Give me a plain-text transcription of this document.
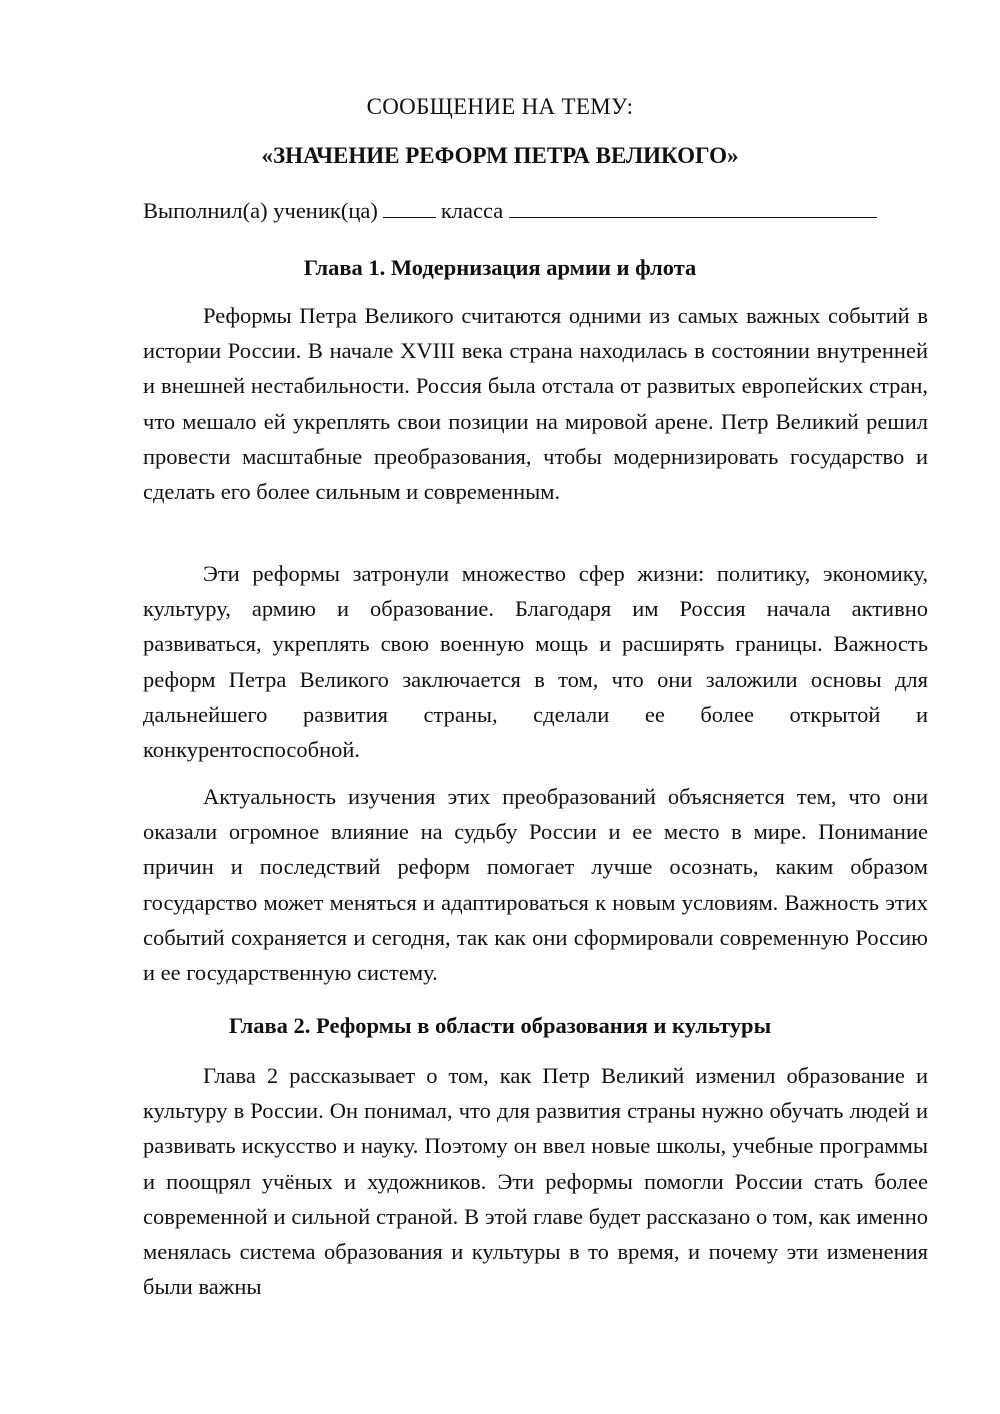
СООБЩЕНИЕ НА ТЕМУ:
«ЗНАЧЕНИЕ РЕФОРМ ПЕТРА ВЕЛИКОГО»
Выполнил(а) ученик(ца)	класса
Глава 1. Модернизация армии и флота

Реформы Петра Великого считаются одними из самых важных событий в истории России. В начале XVIII века страна находилась в состоянии внутренней и внешней нестабильности. Россия была отстала от развитых европейских стран, что мешало ей укреплять свои позиции на мировой арене. Петр Великий решил провести масштабные преобразования, чтобы модернизировать государство и сделать его более сильным и современным.

Эти реформы затронули множество сфер жизни: политику, экономику, культуру, армию и образование. Благодаря им Россия начала активно развиваться, укреплять свою военную мощь и расширять границы. Важность реформ Петра Великого заключается в том, что они заложили основы для дальнейшего развития страны, сделали ее более открытой и конкурентоспособной.

Актуальность изучения этих преобразований объясняется тем, что они оказали огромное влияние на судьбу России и ее место в мире. Понимание причин и последствий реформ помогает лучше осознать, каким образом государство может меняться и адаптироваться к новым условиям. Важность этих событий сохраняется и сегодня, так как они сформировали современную Россию и ее государственную систему.

Глава 2. Реформы в области образования и культуры

Глава 2 рассказывает о том, как Петр Великий изменил образование и культуру в России. Он понимал, что для развития страны нужно обучать людей и развивать искусство и науку. Поэтому он ввел новые школы, учебные программы и поощрял учёных и художников. Эти реформы помогли России стать более современной и сильной страной. В этой главе будет рассказано о том, как именно менялась система образования и культуры в то время, и почему эти изменения были важны
